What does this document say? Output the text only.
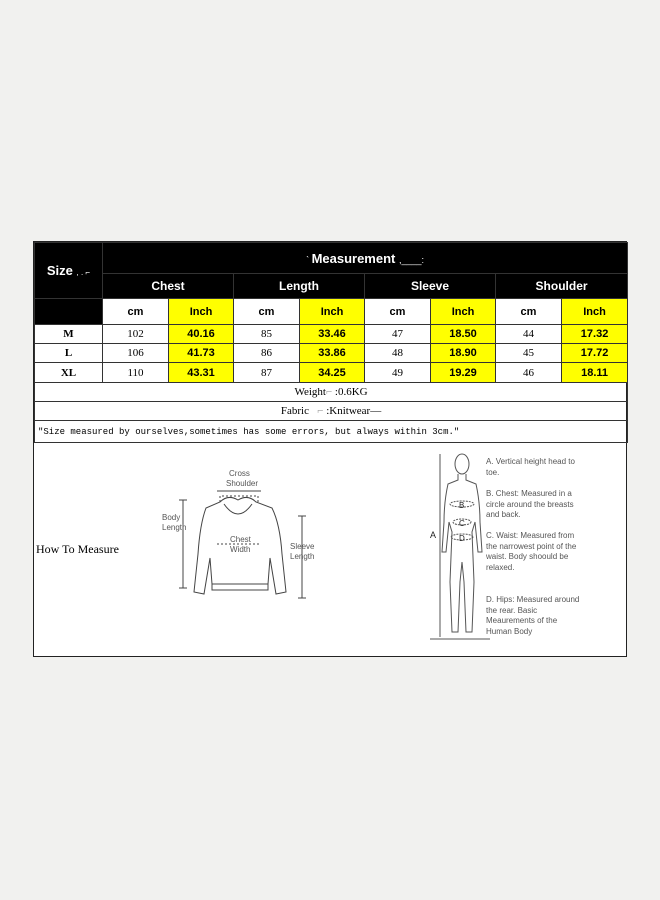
Size , . ⌐	` Measurement ,____:							
	Chest		Length		Sleeve		Shoulder	
	cm	Inch	cm	Inch	cm	Inch	cm	Inch
M	102	40.16	85	33.46	47	18.50	44	17.32
L	106	41.73	86	33.86	48	18.90	45	17.72
XL	110	43.31	87	34.25	49	19.29	46	18.11
Weight⌐ :0.6KG								
Fabric ⌐ :Knitwear—								
"Size measured by ourselves,sometimes has some errors, but always within 3cm."								
How To Measure
Cross
Shoulder
Body
Length
Chest
Width	Sleeve
Length
A
B
C
D
A. Vertical height head to toe.
B. Chest: Measured in a circle around the breasts and back.
C. Waist: Measured from the narrowest point of the waist. Body shoould be relaxed.
D. Hips: Measured around the rear. Basic Meaurements of the Human Body
